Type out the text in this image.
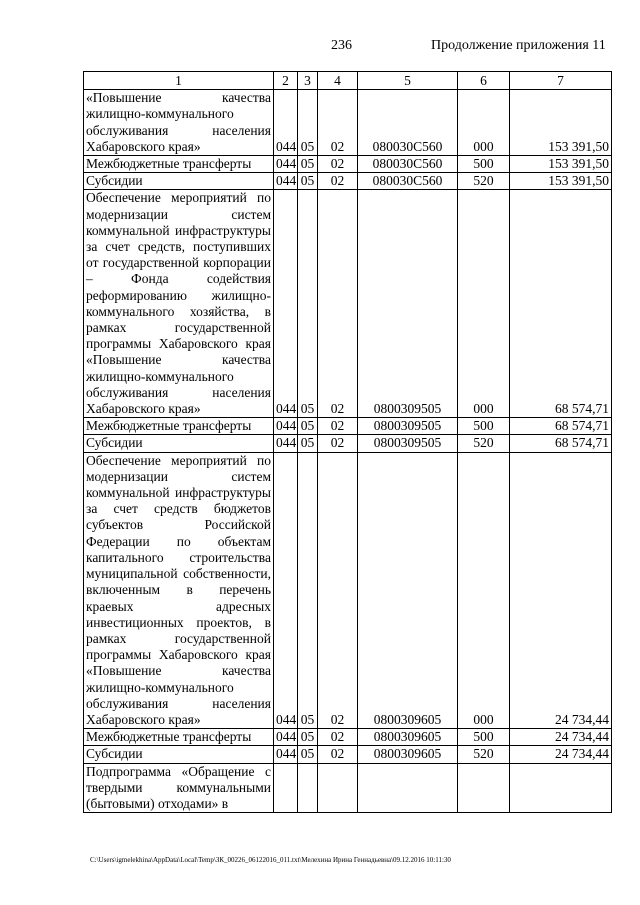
236	Продолжение приложения 11
1	2	3	4	5	6	7
«Повышение качества жилищно-коммунального обслуживания населения Хабаровского края»	044	05	02	080030С560	000	153 391,50
Межбюджетные трансферты	044	05	02	080030С560	500	153 391,50
Субсидии	044	05	02	080030С560	520	153 391,50
Обеспечение мероприятий по модернизации систем коммунальной инфраструктуры за счет средств, поступивших от государственной корпорации – Фонда содействия реформированию жилищно-коммунального хозяйства, в рамках государственной программы Хабаровского края «Повышение качества жилищно-коммунального обслуживания населения Хабаровского края»	044	05	02	0800309505	000	68 574,71
Межбюджетные трансферты	044	05	02	0800309505	500	68 574,71
Субсидии	044	05	02	0800309505	520	68 574,71
Обеспечение мероприятий по модернизации систем коммунальной инфраструктуры за счет средств бюджетов субъектов Российской Федерации по объектам капитального строительства муниципальной собственности, включенным в перечень краевых адресных инвестиционных проектов, в рамках государственной программы Хабаровского края «Повышение качества жилищно-коммунального обслуживания населения Хабаровского края»	044	05	02	0800309605	000	24 734,44
Межбюджетные трансферты	044	05	02	0800309605	500	24 734,44
Субсидии	044	05	02	0800309605	520	24 734,44
Подпрограмма «Обращение с твердыми коммунальными (бытовыми) отходами» в						
C:\Users\igmelekhina\AppData\Local\Temp\ЗК_00226_06122016_011.txt\Мелехина Ирина Геннадьевна\09.12.2016 10:11:30
